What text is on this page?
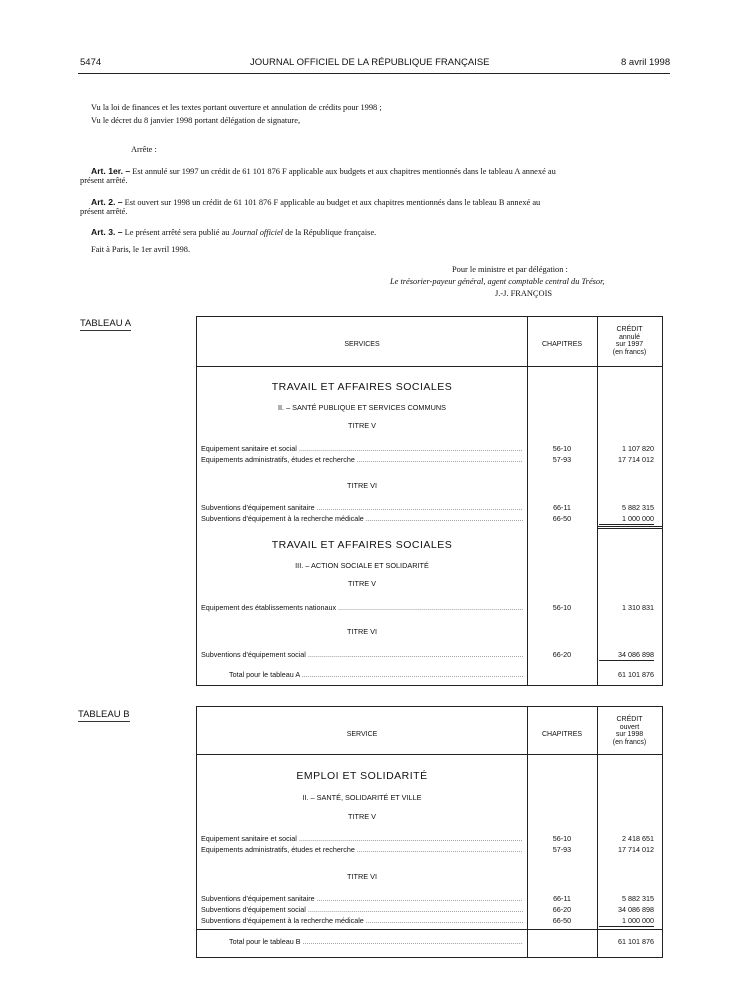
5474	JOURNAL OFFICIEL DE LA RÉPUBLIQUE FRANÇAISE	8 avril 1998
Vu la loi de finances et les textes portant ouverture et annulation de crédits pour 1998 ;
Vu le décret du 8 janvier 1998 portant délégation de signature,
Arrête :
Art. 1er. – Est annulé sur 1997 un crédit de 61 101 876 F applicable aux budgets et aux chapitres mentionnés dans le tableau A annexé au
présent arrêté.
Art. 2. – Est ouvert sur 1998 un crédit de 61 101 876 F applicable au budget et aux chapitres mentionnés dans le tableau B annexé au
présent arrêté.
Art. 3. – Le présent arrêté sera publié au Journal officiel de la République française.
Fait à Paris, le 1er avril 1998.
Pour le ministre et par délégation :
Le trésorier-payeur général, agent comptable central du Trésor,
J.-J. FRANÇOIS
TABLEAU A
SERVICES	CHAPITRES
CRÉDIT
annulé
sur 1997
(en francs)
TRAVAIL ET AFFAIRES SOCIALES
II. – SANTÉ PUBLIQUE ET SERVICES COMMUNS
TITRE V
Equipement sanitaire et social .....	56-10	1 107 820
Equipements administratifs, études et recherche .....	57-93	17 714 012
TITRE VI
Subventions d'équipement sanitaire .....	66-11	5 882 315
Subventions d'équipement à la recherche médicale .....	66-50	1 000 000
TRAVAIL ET AFFAIRES SOCIALES
III. – ACTION SOCIALE ET SOLIDARITÉ
TITRE V
Equipement des établissements nationaux .....	56-10	1 310 831
TITRE VI
Subventions d'équipement social .....	66-20	34 086 898
Total pour le tableau A .....	61 101 876
TABLEAU B
SERVICE	CHAPITRES
CRÉDIT
ouvert
sur 1998
(en francs)
EMPLOI ET SOLIDARITÉ
II. – SANTÉ, SOLIDARITÉ ET VILLE
TITRE V
Equipement sanitaire et social .....	56-10	2 418 651
Equipements administratifs, études et recherche .....	57-93	17 714 012
TITRE VI
Subventions d'équipement sanitaire .....	66-11	5 882 315
Subventions d'équipement social .....	66-20	34 086 898
Subventions d'équipement à la recherche médicale .....	66-50	1 000 000
Total pour le tableau B .....	61 101 876
